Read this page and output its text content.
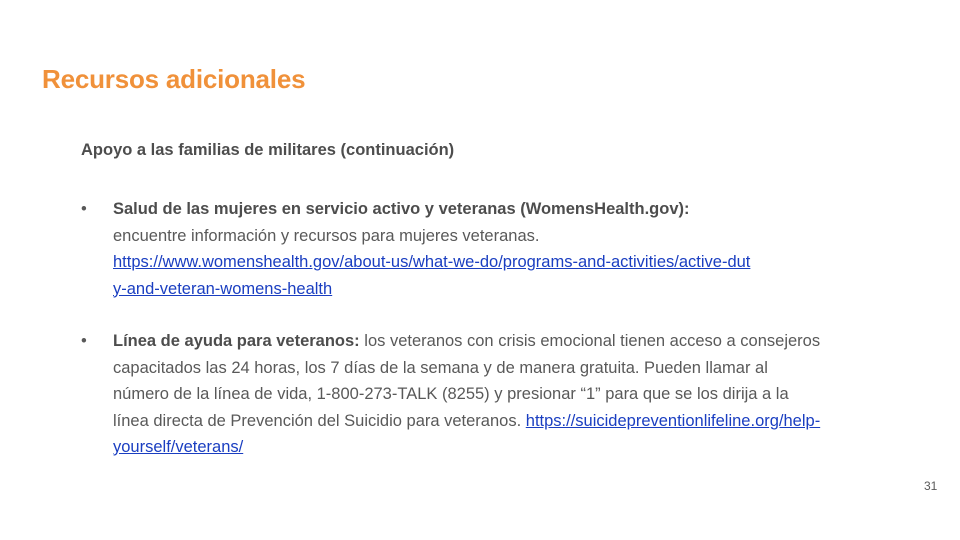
Recursos adicionales
Apoyo a las familias de militares (continuación)
• Salud de las mujeres en servicio activo y veteranas (WomensHealth.gov):
encuentre información y recursos para mujeres veteranas.
https://www.womenshealth.gov/about-us/what-we-do/programs-and-activities/active-duty-and-veteran-womens-health
• Línea de ayuda para veteranos: los veteranos con crisis emocional tienen acceso a consejeros capacitados las 24 horas, los 7 días de la semana y de manera gratuita. Pueden llamar al número de la línea de vida, 1-800-273-TALK (8255) y presionar “1” para que se los dirija a la línea directa de Prevención del Suicidio para veteranos. https://suicidepreventionlifeline.org/help-yourself/veterans/
31
